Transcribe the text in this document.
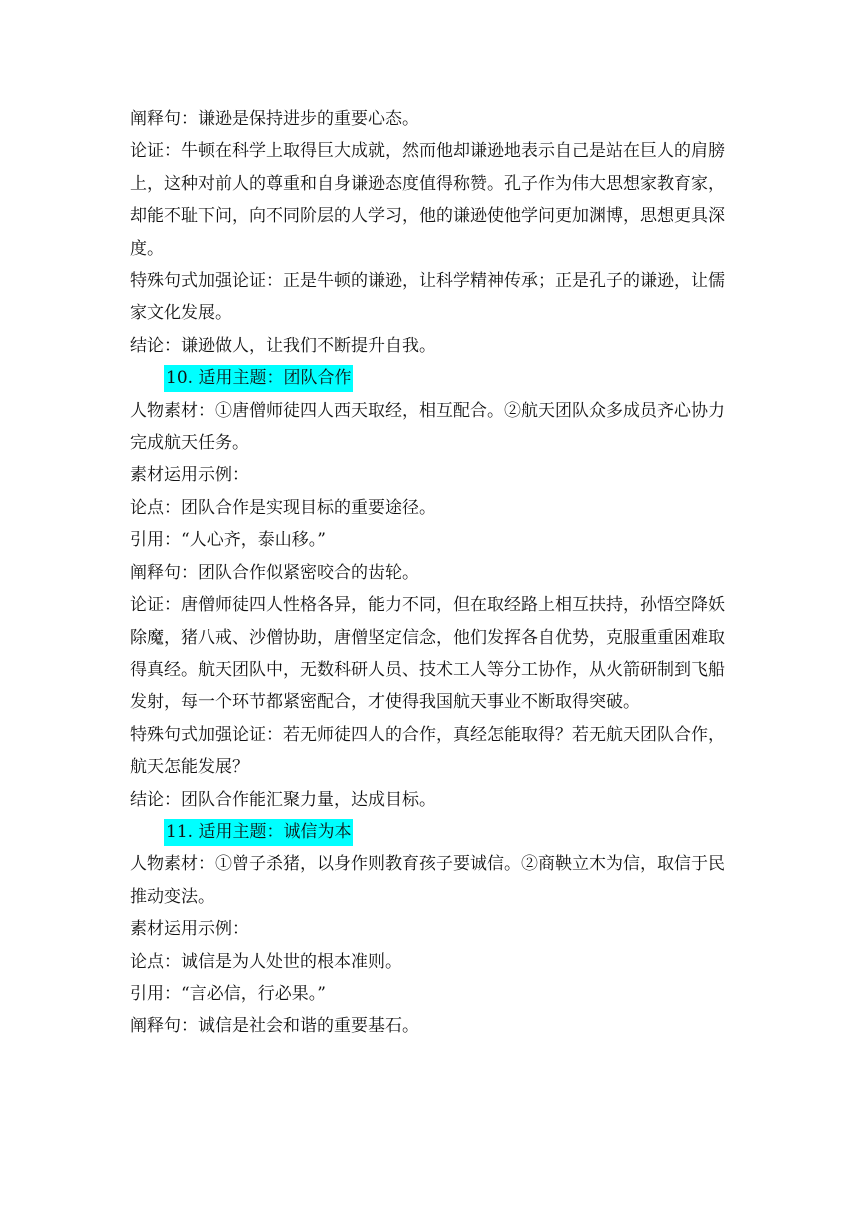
阐释句：谦逊是保持进步的重要心态。
论证：牛顿在科学上取得巨大成就，然而他却谦逊地表示自己是站在巨人的肩膀
上，这种对前人的尊重和自身谦逊态度值得称赞。孔子作为伟大思想家教育家，
却能不耻下问，向不同阶层的人学习，他的谦逊使他学问更加渊博，思想更具深
度。
特殊句式加强论证：正是牛顿的谦逊，让科学精神传承；正是孔子的谦逊，让儒
家文化发展。
结论：谦逊做人，让我们不断提升自我。
10. 适用主题：团队合作
人物素材：①唐僧师徒四人西天取经，相互配合。②航天团队众多成员齐心协力
完成航天任务。
素材运用示例：
论点：团队合作是实现目标的重要途径。
引用：“人心齐，泰山移。”
阐释句：团队合作似紧密咬合的齿轮。
论证：唐僧师徒四人性格各异，能力不同，但在取经路上相互扶持，孙悟空降妖
除魔，猪八戒、沙僧协助，唐僧坚定信念，他们发挥各自优势，克服重重困难取
得真经。航天团队中，无数科研人员、技术工人等分工协作，从火箭研制到飞船
发射，每一个环节都紧密配合，才使得我国航天事业不断取得突破。
特殊句式加强论证：若无师徒四人的合作，真经怎能取得？若无航天团队合作，
航天怎能发展？
结论：团队合作能汇聚力量，达成目标。
11. 适用主题：诚信为本
人物素材：①曾子杀猪，以身作则教育孩子要诚信。②商鞅立木为信，取信于民
推动变法。
素材运用示例：
论点：诚信是为人处世的根本准则。
引用：“言必信，行必果。”
阐释句：诚信是社会和谐的重要基石。
